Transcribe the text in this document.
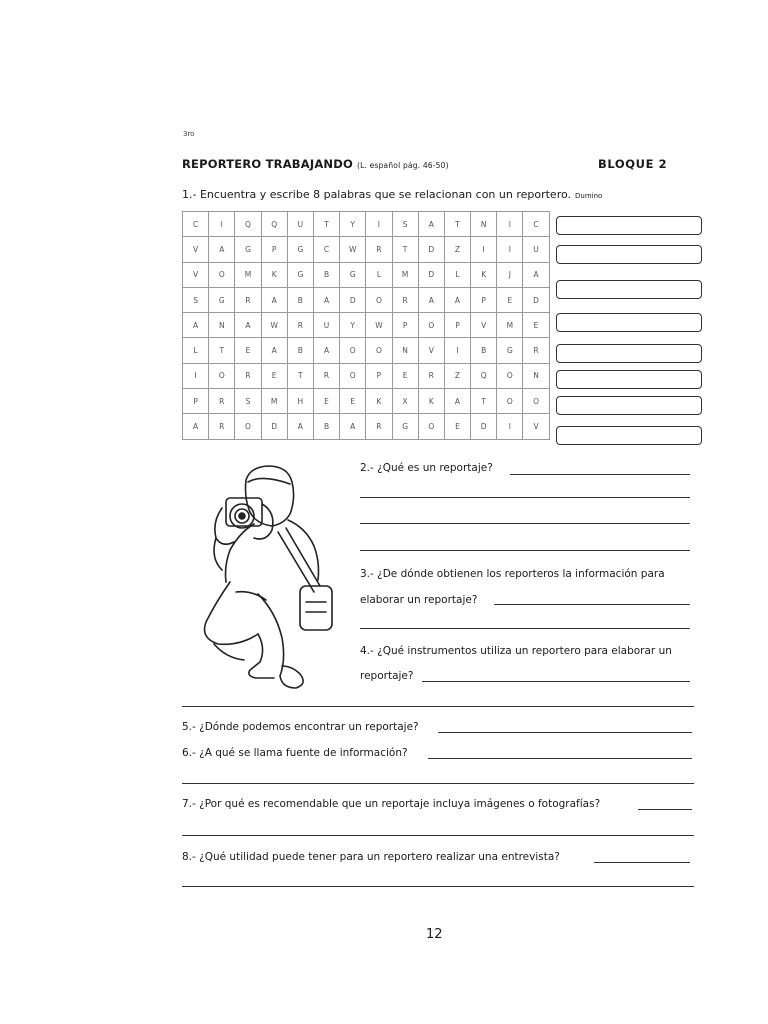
3ro
REPORTERO TRABAJANDO (L. español pág. 46-50)	BLOQUE 2
1.- Encuentra y escribe 8 palabras que se relacionan con un reportero. Dumino
C	I	Q	Q	U	T	Y	I	S	A	T	N	I	C
V	A	G	P	G	C	W	R	T	D	Z	I	I	U
V	O	M	K	G	B	G	L	M	D	L	K	J	A
S	G	R	A	B	A	D	O	R	A	A	P	E	D
A	N	A	W	R	U	Y	W	P	O	P	V	M	E
L	T	E	A	B	A	O	O	N	V	I	B	G	R
I	O	R	E	T	R	O	P	E	R	Z	Q	O	N
P	R	S	M	H	E	E	K	X	K	A	T	O	O
A	R	O	D	A	B	A	R	G	O	E	D	I	V
2.- ¿Qué es un reportaje?
3.- ¿De dónde obtienen los reporteros la información para
elaborar un reportaje?
4.- ¿Qué instrumentos utiliza un reportero para elaborar un
reportaje?
5.- ¿Dónde podemos encontrar un reportaje?
6.- ¿A qué se llama fuente de información?
7.- ¿Por qué es recomendable que un reportaje incluya imágenes o fotografías?
8.- ¿Qué utilidad puede tener para un reportero realizar una entrevista?
12
